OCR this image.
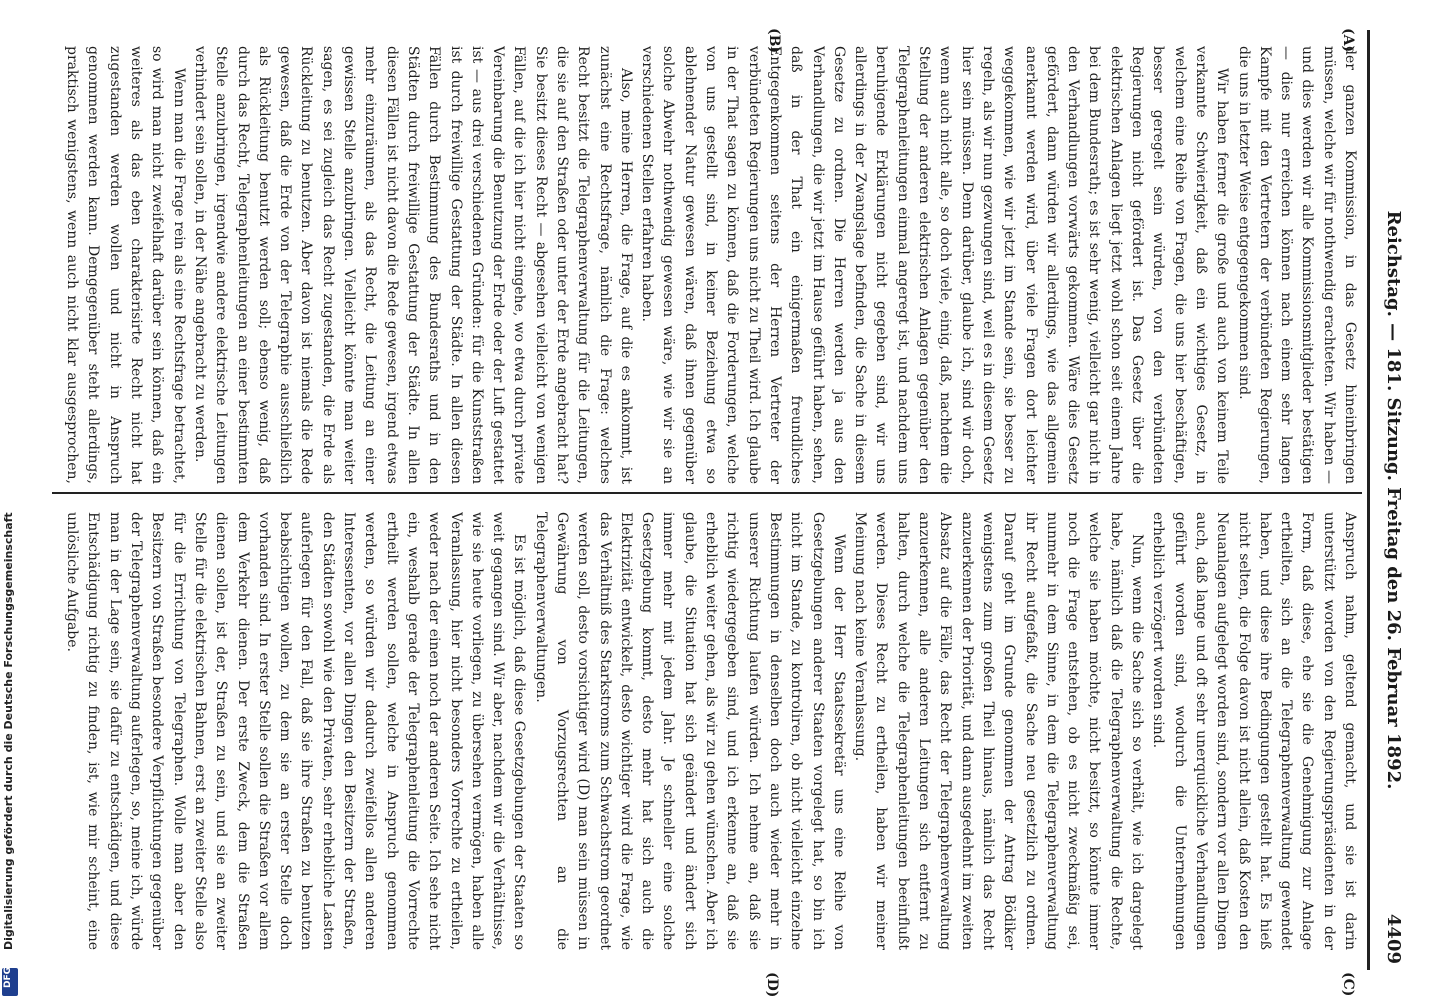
Reichstag. — 181. Sitzung. Freitag den 26. Februar 1892.
4409
(A)
(B)
(C)
(D)

der ganzen Kommission, in das Gesetz hineinbringen müssen, welche wir für nothwendig erachteten. Wir haben — und dies werden wir alle Kommissionsmitglieder bestätigen — dies nur erreichen können nach einem sehr langen Kampfe mit den Vertretern der verbündeten Regierungen, die uns in letzter Weise entgegengekommen sind.

Wir haben ferner die große und auch von keinem Teile verkannte Schwierigkeit, daß ein wichtiges Gesetz, in welchem eine Reihe von Fragen, die uns hier beschäftigen, besser geregelt sein würden, von den verbündeten Regierungen nicht gefördert ist. Das Gesetz über die elektrischen Anlagen liegt jetzt wohl schon seit einem Jahre bei dem Bundesrath; es ist sehr wenig, vielleicht gar nicht in den Verhandlungen vorwärts gekommen. Wäre dies Gesetz gefördert, dann würden wir allerdings, wie das allgemein anerkannt werden wird, über viele Fragen dort leichter weggekommen, wie wir jetzt im Stande sein, sie besser zu regeln, als wir nun gezwungen sind, weil es in diesem Gesetz hier sein müssen. Denn darüber, glaube ich, sind wir doch, wenn auch nicht alle, so doch viele, einig, daß, nachdem die Stellung der anderen elektrischen Anlagen gegenüber den Telegraphenleitungen einmal angeregt ist, und nachdem uns beruhigende Erklärungen nicht gegeben sind, wir uns allerdings in der Zwangslage befinden, die Sache in diesem Gesetze zu ordnen. Die Herren werden ja aus den Verhandlungen, die wir jetzt im Hause geführt haben, sehen, daß in der That ein einigermaßen freundliches Entgegenkommen seitens der Herren Vertreter der verbündeten Regierungen uns nicht zu Theil wird. Ich glaube in der That sagen zu können, daß die Forderungen, welche von uns gestellt sind, in keiner Beziehung etwa so ablehnender Natur gewesen wären, daß ihnen gegenüber solche Abwehr nothwendig gewesen wäre, wie wir sie an verschiedenen Stellen erfahren haben.

Also, meine Herren, die Frage, auf die es ankommt, ist zunächst eine Rechtsfrage, nämlich die Frage: welches Recht besitzt die Telegraphenverwaltung für die Leitungen, die sie auf den Straßen oder unter der Erde angebracht hat? Sie besitzt dieses Recht — abgesehen vielleicht von wenigen Fällen, auf die ich hier nicht eingehe, wo etwa durch private Vereinbarung die Benutzung der Erde oder der Luft gestattet ist — aus drei verschiedenen Gründen: für die Kunststraßen ist durch freiwillige Gestattung der Städte. In allen diesen Fällen durch Bestimmung des Bundesraths und in den Städten durch freiwillige Gestattung der Städte. In allen diesen Fällen ist nicht davon die Rede gewesen, irgend etwas mehr einzuräumen, als das Recht, die Leitung an einer gewissen Stelle anzubringen. Vielleicht könnte man weiter sagen, es sei zugleich das Recht zugestanden, die Erde als Rückleitung zu benutzen. Aber davon ist niemals die Rede gewesen, daß die Erde von der Telegraphie ausschließlich als Rückleitung benutzt werden soll; ebenso wenig, daß durch das Recht, Telegraphenleitungen an einer bestimmten Stelle anzubringen, irgendwie andere elektrische Leitungen verhindert sein sollen, in der Nähe angebracht zu werden.

Wenn man die Frage rein als eine Rechtsfrage betrachtet, so wird man nicht zweifelhaft darüber sein können, daß ein weiteres als das eben charakterisirte Recht nicht hat zugestanden werden wollen und nicht in Anspruch genommen werden kann. Demgegenüber steht allerdings, praktisch wenigstens, wenn auch nicht klar ausgesprochen,

Anspruch nahm, geltend gemacht, und sie ist darin unterstützt worden von den Regierungspräsidenten in der Form, daß diese, ehe sie die Genehmigung zur Anlage ertheilten, sich an die Telegraphenverwaltung gewendet haben, und diese ihre Bedingungen gestellt hat. Es hieß nicht selten, die Folge davon ist nicht allein, daß Kosten den Neuanlagen aufgelegt worden sind, sondern vor allen Dingen auch, daß lange und oft sehr unerquickliche Verhandlungen geführt worden sind, wodurch die Unternehmungen erheblich verzögert worden sind.

Nun, wenn die Sache sich so verhält, wie ich dargelegt habe, nämlich daß die Telegraphenverwaltung die Rechte, welche sie haben möchte, nicht besitzt, so könnte immer noch die Frage entstehen, ob es nicht zweckmäßig sei, nunmehr in dem Sinne, in dem die Telegraphenverwaltung ihr Recht aufgefaßt, die Sache neu gesetzlich zu ordnen. Darauf geht im Grunde genommen der Antrag Bödiker wenigstens zum großen Theil hinaus, nämlich das Recht anzuerkennen der Priorität, und dann ausgedehnt im zweiten Absatz auf die Fälle, das Recht der Telegraphenverwaltung anzuerkennen, alle anderen Leitungen sich entfernt zu halten, durch welche die Telegraphenleitungen beeinflußt werden. Dieses Recht zu ertheilen, haben wir meiner Meinung nach keine Veranlassung.

Wenn der Herr Staatssekretär uns eine Reihe von Gesetzgebungen anderer Staaten vorgelegt hat, so bin ich nicht im Stande, zu kontroliren, ob nicht vielleicht einzelne Bestimmungen in denselben doch auch wieder mehr in unserer Richtung laufen würden. Ich nehme an, daß sie richtig wiedergegeben sind, und ich erkenne an, daß sie erheblich weiter gehen, als wir zu gehen wünschen. Aber ich glaube, die Situation hat sich geändert und ändert sich immer mehr mit jedem Jahr. Je schneller eine solche Gesetzgebung kommt, desto mehr hat sich auch die Elektrizität entwickelt, desto wichtiger wird die Frage, wie das Verhältniß des Starkstroms zum Schwachstrom geordnet werden soll, desto vorsichtiger wird (D) man sein müssen in Gewährung von Vorzugsrechten an die Telegraphenverwaltungen.

Es ist möglich, daß diese Gesetzgebungen der Staaten so weit gegangen sind. Wir aber, nachdem wir die Verhältnisse, wie sie heute vorliegen, zu übersehen vermögen, haben alle Veranlassung, hier nicht besonders Vorrechte zu ertheilen, weder nach der einen noch der anderen Seite. Ich sehe nicht ein, weshalb gerade der Telegraphenleitung die Vorrechte ertheilt werden sollen, welche in Anspruch genommen werden, so würden wir dadurch zweifellos allen anderen Interessenten, vor allen Dingen den Besitzern der Straßen, den Städten sowohl wie den Privaten, sehr erhebliche Lasten auferlegen für den Fall, daß sie ihre Straßen zu benutzen beabsichtigen wollen, zu dem sie an erster Stelle doch vorhanden sind. In erster Stelle sollen die Straßen vor allem dem Verkehr dienen. Der erste Zweck, dem die Straßen dienen sollen, ist der, Straßen zu sein, und sie an zweiter Stelle für die elektrischen Bahnen, erst an zweiter Stelle also für die Errichtung von Telegraphen. Wolle man aber den Besitzern von Straßen besondere Verpflichtungen gegenüber der Telegraphenverwaltung auferlegen, so, meine ich, würde man in der Lage sein, sie dafür zu entschädigen, und diese Entschädigung richtig zu finden, ist, wie mir scheint, eine unlösliche Aufgabe.

Digitalisierung gefördert durch die Deutsche Forschungsgemeinschaft
DFG
